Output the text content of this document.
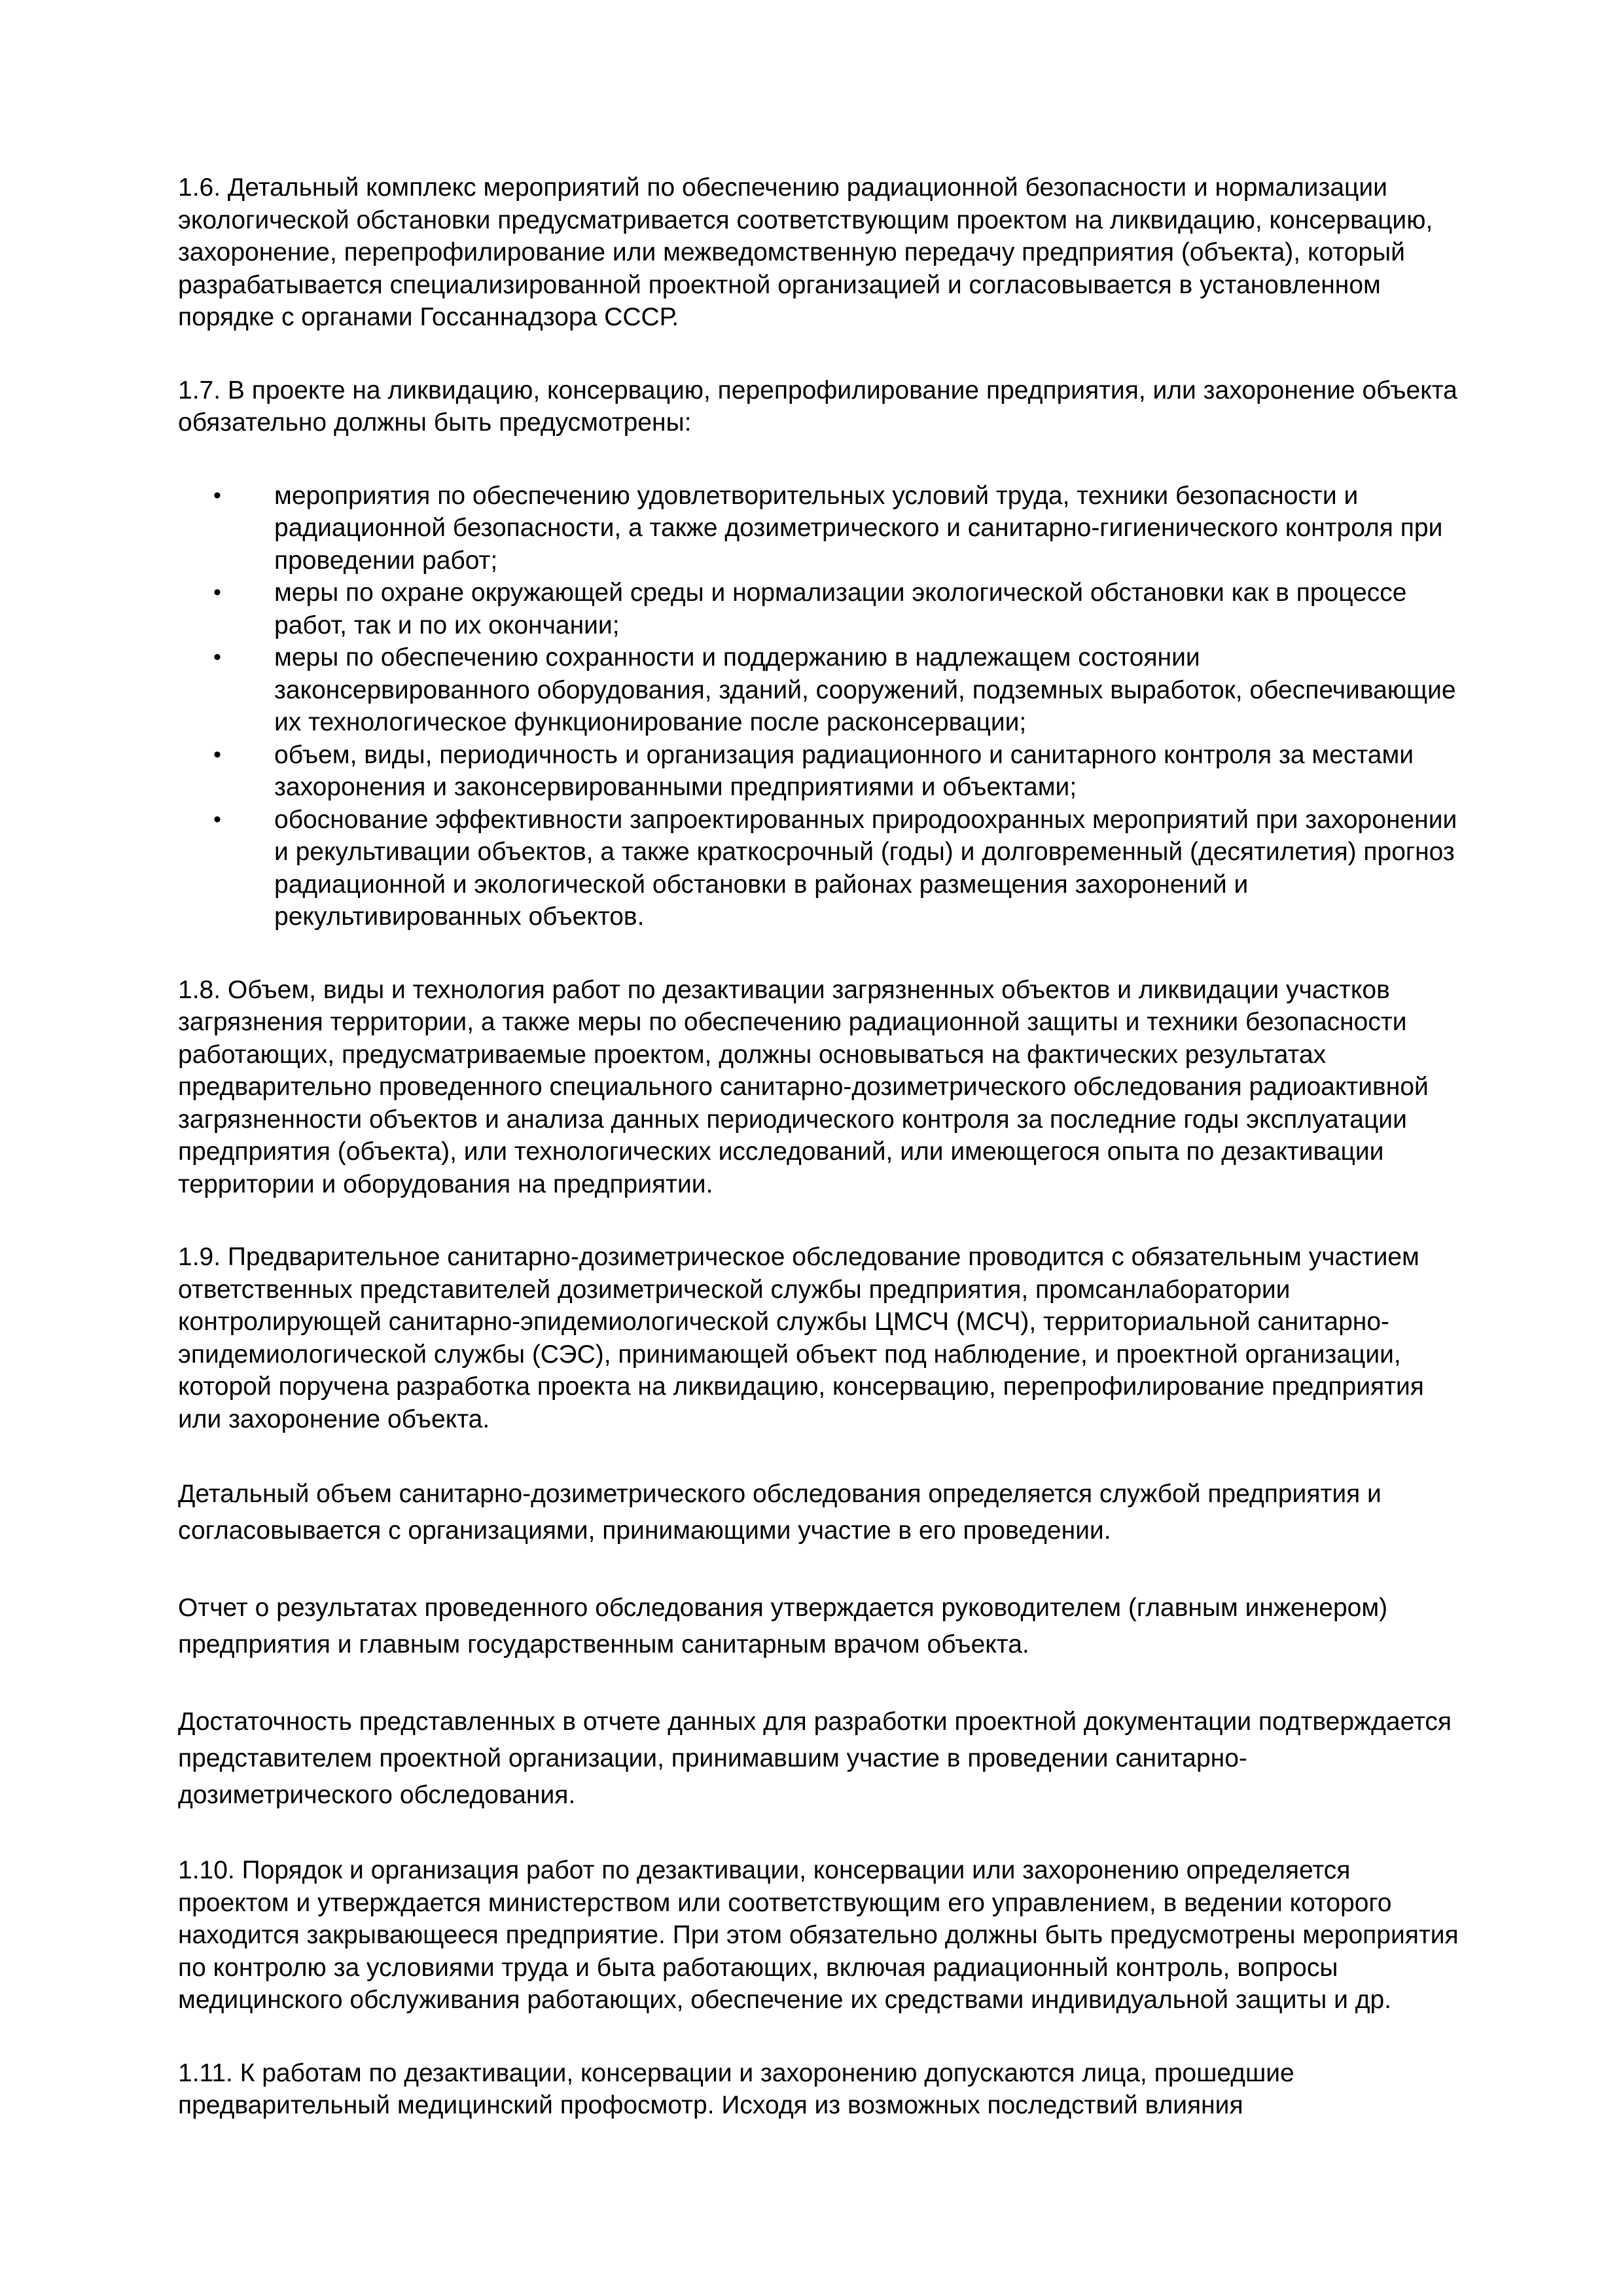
1.6. Детальный комплекс мероприятий по обеспечению радиационной безопасности и нормализации экологической обстановки предусматривается соответствующим проектом на ликвидацию, консервацию, захоронение, перепрофилирование или межведомственную передачу предприятия (объекта), который разрабатывается специализированной проектной организацией и согласовывается в установленном порядке с органами Госсаннадзора СССР.

1.7. В проекте на ликвидацию, консервацию, перепрофилирование предприятия, или захоронение объекта обязательно должны быть предусмотрены:

• мероприятия по обеспечению удовлетворительных условий труда, техники безопасности и радиационной безопасности, а также дозиметрического и санитарно-гигиенического контроля при проведении работ;
• меры по охране окружающей среды и нормализации экологической обстановки как в процессе работ, так и по их окончании;
• меры по обеспечению сохранности и поддержанию в надлежащем состоянии законсервированного оборудования, зданий, сооружений, подземных выработок, обеспечивающие их технологическое функционирование после расконсервации;
• объем, виды, периодичность и организация радиационного и санитарного контроля за местами захоронения и законсервированными предприятиями и объектами;
• обоснование эффективности запроектированных природоохранных мероприятий при захоронении и рекультивации объектов, а также краткосрочный (годы) и долговременный (десятилетия) прогноз радиационной и экологической обстановки в районах размещения захоронений и рекультивированных объектов.

1.8. Объем, виды и технология работ по дезактивации загрязненных объектов и ликвидации участков загрязнения территории, а также меры по обеспечению радиационной защиты и техники безопасности работающих, предусматриваемые проектом, должны основываться на фактических результатах предварительно проведенного специального санитарно-дозиметрического обследования радиоактивной загрязненности объектов и анализа данных периодического контроля за последние годы эксплуатации предприятия (объекта), или технологических исследований, или имеющегося опыта по дезактивации территории и оборудования на предприятии.

1.9. Предварительное санитарно-дозиметрическое обследование проводится с обязательным участием ответственных представителей дозиметрической службы предприятия, промсанлаборатории контролирующей санитарно-эпидемиологической службы ЦМСЧ (МСЧ), территориальной санитарно-эпидемиологической службы (СЭС), принимающей объект под наблюдение, и проектной организации, которой поручена разработка проекта на ликвидацию, консервацию, перепрофилирование предприятия или захоронение объекта.

Детальный объем санитарно-дозиметрического обследования определяется службой предприятия и согласовывается с организациями, принимающими участие в его проведении.

Отчет о результатах проведенного обследования утверждается руководителем (главным инженером) предприятия и главным государственным санитарным врачом объекта.

Достаточность представленных в отчете данных для разработки проектной документации подтверждается представителем проектной организации, принимавшим участие в проведении санитарно-дозиметрического обследования.

1.10. Порядок и организация работ по дезактивации, консервации или захоронению определяется проектом и утверждается министерством или соответствующим его управлением, в ведении которого находится закрывающееся предприятие. При этом обязательно должны быть предусмотрены мероприятия по контролю за условиями труда и быта работающих, включая радиационный контроль, вопросы медицинского обслуживания работающих, обеспечение их средствами индивидуальной защиты и др.

1.11. К работам по дезактивации, консервации и захоронению допускаются лица, прошедшие предварительный медицинский профосмотр. Исходя из возможных последствий влияния
